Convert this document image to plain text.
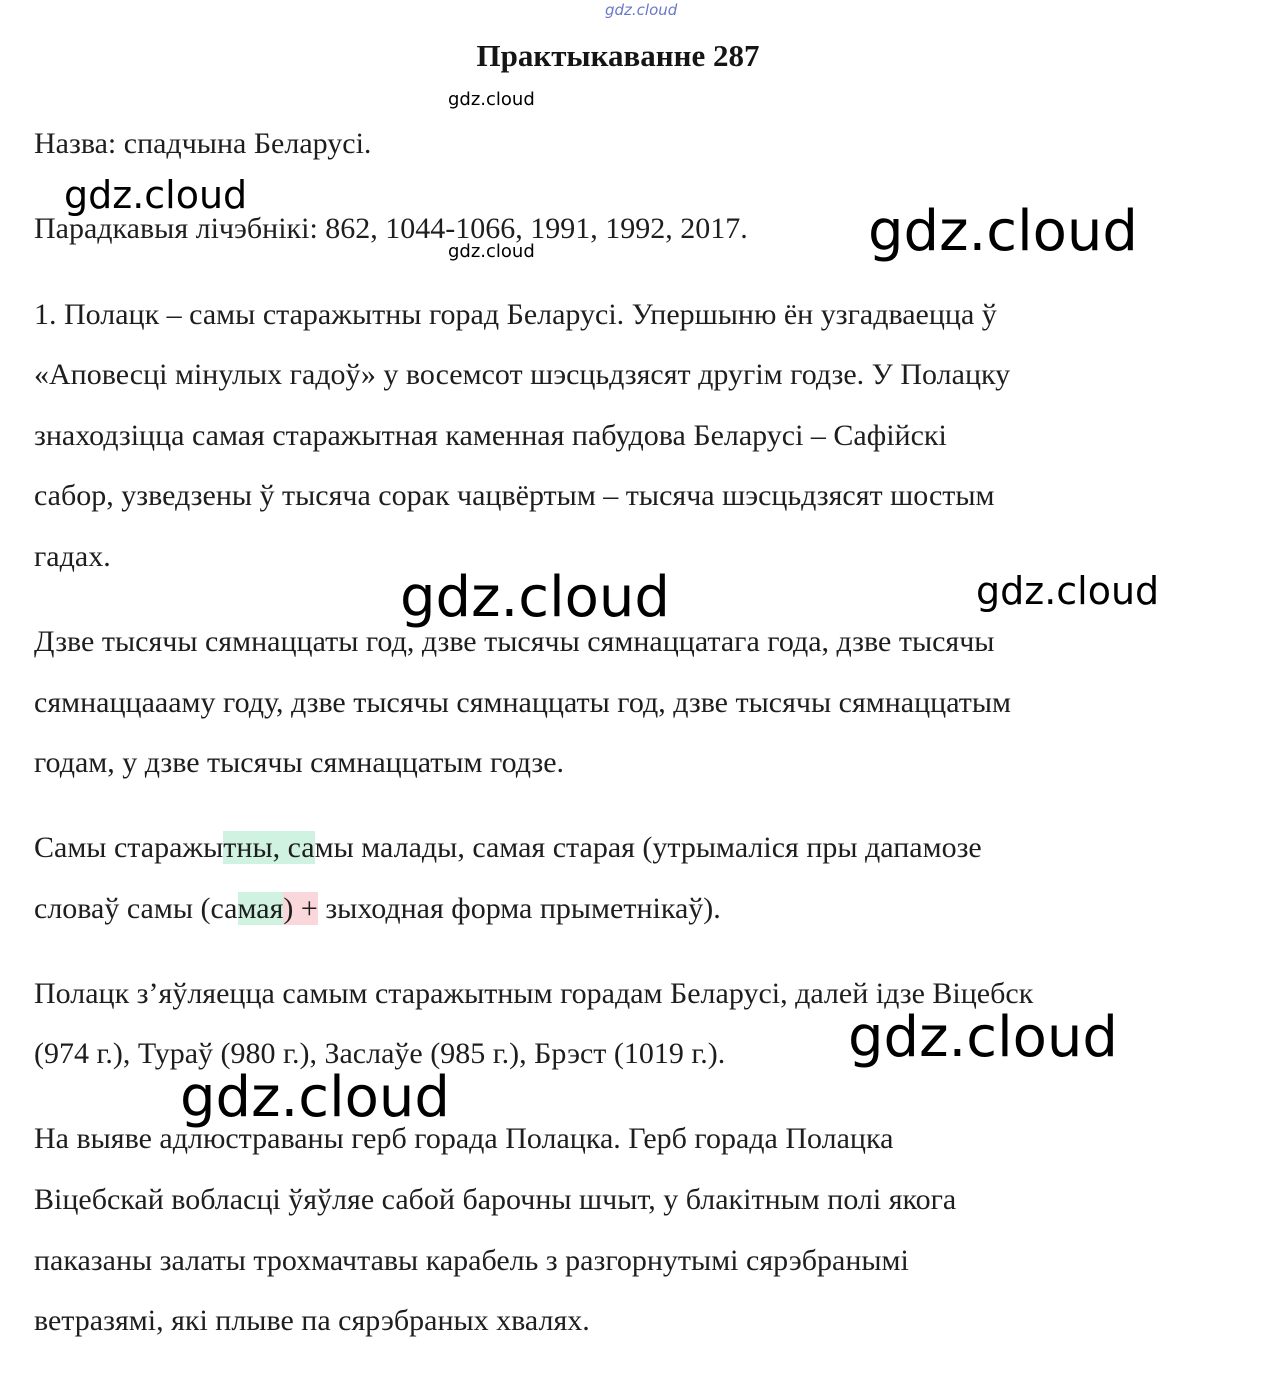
Практыкаванне 287
Назва: спадчына Беларусі.
Парадкавыя лічэбнікі: 862, 1044-1066, 1991, 1992, 2017.
1. Полацк – самы старажытны горад Беларусі. Упершыню ён узгадваецца ў
«Аповесці мінулых гадоў» у восемсот шэсцьдзясят другім годзе. У Полацку
знаходзіцца самая старажытная каменная пабудова Беларусі – Сафійскі
сабор, узведзены ў тысяча сорак чацвёртым – тысяча шэсцьдзясят шостым
гадах.
Дзве тысячы сямнаццаты год, дзве тысячы сямнаццатага года, дзве тысячы
сямнаццаааму году, дзве тысячы сямнаццаты год, дзве тысячы сямнаццатым
годам, у дзве тысячы сямнаццатым годзе.
Самы старажытны, самы малады, самая старая (утрымаліся пры дапамозе
словаў самы (самая) + зыходная форма прыметнікаў).
Полацк з’яўляецца самым старажытным горадам Беларусі, далей ідзе Віцебск
(974 г.), Тураў (980 г.), Заслаўе (985 г.), Брэст (1019 г.).
На выяве адлюстраваны герб горада Полацка. Герб горада Полацка
Віцебскай вобласці ўяўляе сабой барочны шчыт, у блакітным полі якога
паказаны залаты трохмачтавы карабель з разгорнутымі сярэбранымі
ветразямі, які плыве па сярэбраных хвалях.
gdz.cloud
gdz.cloud
gdz.cloud
gdz.cloud	gdz.cloud
gdz.cloud	gdz.cloud
gdz.cloud
gdz.cloud
